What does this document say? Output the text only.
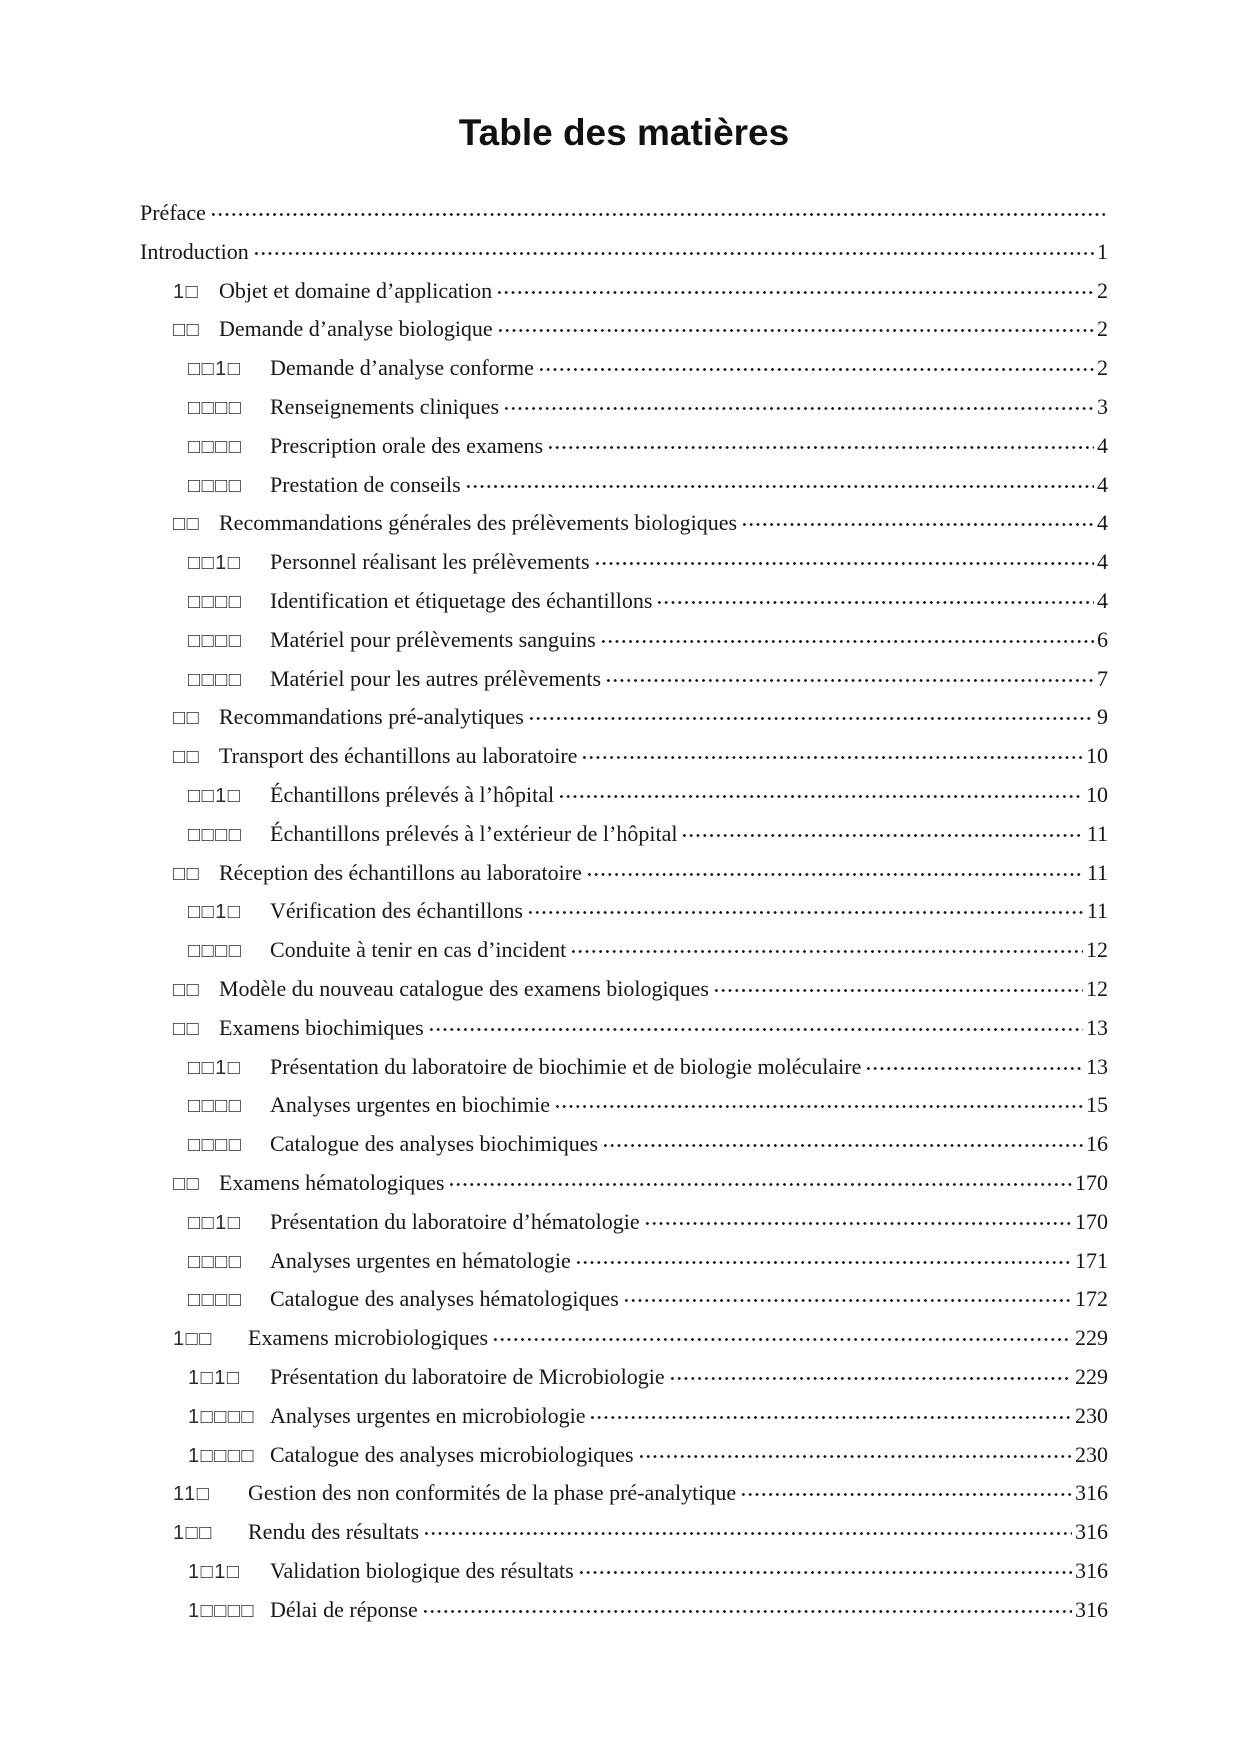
Table des matières
Préface
Introduction	1
1□ Objet et domaine d’application	2
□□ Demande d’analyse biologique	2
□□1□	Demande d’analyse conforme	2
□□□□	Renseignements cliniques	3
□□□□	Prescription orale des examens	4
□□□□	Prestation de conseils	4
□□ Recommandations générales des prélèvements biologiques	4
□□1□	Personnel réalisant les prélèvements	4
□□□□	Identification et étiquetage des échantillons	4
□□□□	Matériel pour prélèvements sanguins	6
□□□□	Matériel pour les autres prélèvements	7
□□ Recommandations pré-analytiques	9
□□ Transport des échantillons au laboratoire	10
□□1□	Échantillons prélevés à l’hôpital	10
□□□□	Échantillons prélevés à l’extérieur de l’hôpital	11
□□ Réception des échantillons au laboratoire	11
□□1□	Vérification des échantillons	11
□□□□	Conduite à tenir en cas d’incident	12
□□ Modèle du nouveau catalogue des examens biologiques	12
□□ Examens biochimiques	13
□□1□	Présentation du laboratoire de biochimie et de biologie moléculaire	13
□□□□	Analyses urgentes en biochimie	15
□□□□	Catalogue des analyses biochimiques	16
□□ Examens hématologiques	170
□□1□	Présentation du laboratoire d’hématologie	170
□□□□	Analyses urgentes en hématologie	171
□□□□	Catalogue des analyses hématologiques	172
1□□	Examens microbiologiques	229
1□1□	Présentation du laboratoire de Microbiologie	229
1□□□□ Analyses urgentes en microbiologie	230
1□□□□ Catalogue des analyses microbiologiques	230
11□	Gestion des non conformités de la phase pré-analytique	316
1□□	Rendu des résultats	316
1□1□	Validation biologique des résultats	316
1□□□□ Délai de réponse	316
